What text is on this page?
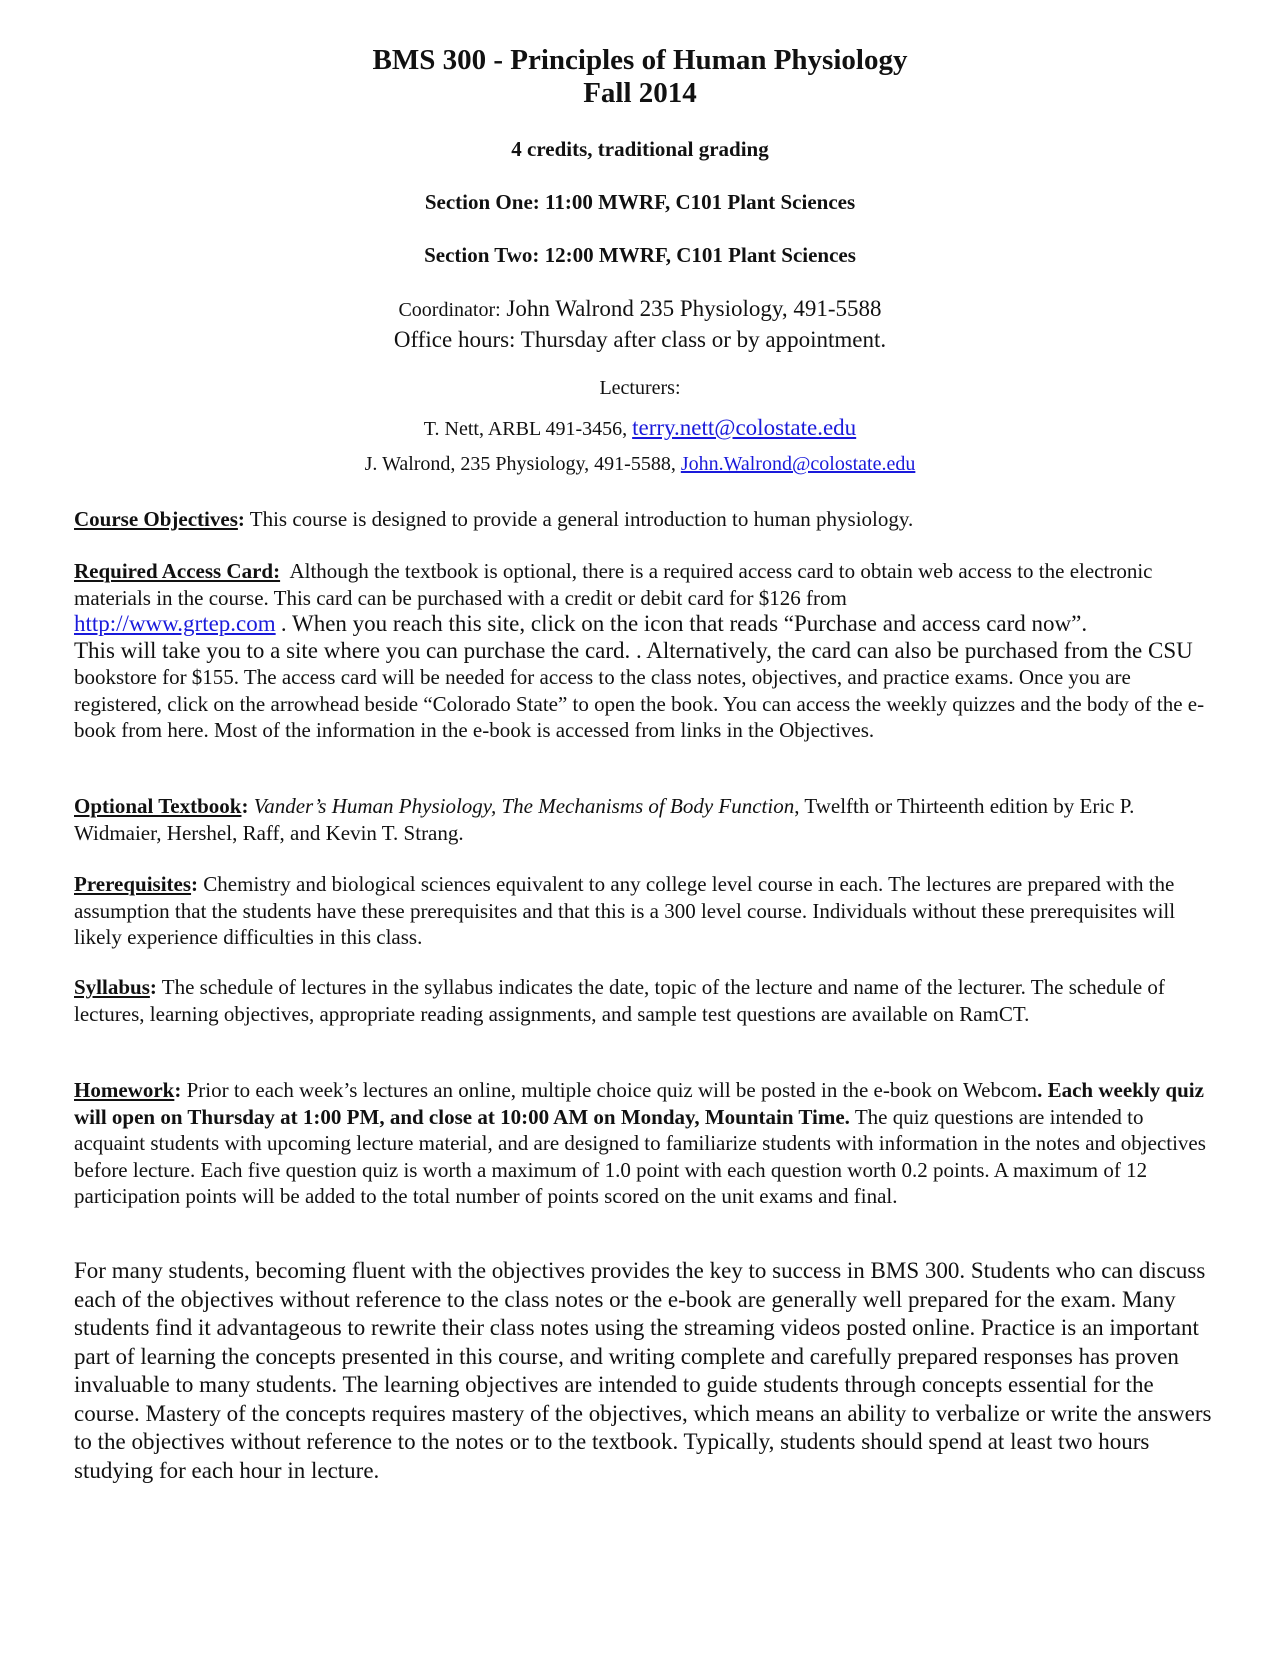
BMS 300 - Principles of Human Physiology
Fall 2014
4 credits, traditional grading
Section One: 11:00 MWRF, C101 Plant Sciences
Section Two: 12:00 MWRF, C101 Plant Sciences
Coordinator: John Walrond 235 Physiology, 491-5588
Office hours: Thursday after class or by appointment.
Lecturers:
T. Nett, ARBL 491-3456, terry.nett@colostate.edu
J. Walrond, 235 Physiology, 491-5588, John.Walrond@colostate.edu
Course Objectives: This course is designed to provide a general introduction to human physiology.
Required Access Card: Although the textbook is optional, there is a required access card to obtain web access to the electronic materials in the course. This card can be purchased with a credit or debit card for $126 from
http://www.grtep.com . When you reach this site, click on the icon that reads “Purchase and access card now”.
This will take you to a site where you can purchase the card. . Alternatively, the card can also be purchased from the CSU bookstore for $155. The access card will be needed for access to the class notes, objectives, and practice exams. Once you are registered, click on the arrowhead beside “Colorado State” to open the book. You can access the weekly quizzes and the body of the e-book from here. Most of the information in the e-book is accessed from links in the Objectives.
Optional Textbook: Vander’s Human Physiology, The Mechanisms of Body Function, Twelfth or Thirteenth edition by Eric P. Widmaier, Hershel, Raff, and Kevin T. Strang.
Prerequisites: Chemistry and biological sciences equivalent to any college level course in each. The lectures are prepared with the assumption that the students have these prerequisites and that this is a 300 level course. Individuals without these prerequisites will likely experience difficulties in this class.
Syllabus: The schedule of lectures in the syllabus indicates the date, topic of the lecture and name of the lecturer. The schedule of lectures, learning objectives, appropriate reading assignments, and sample test questions are available on RamCT.
Homework: Prior to each week’s lectures an online, multiple choice quiz will be posted in the e-book on Webcom. Each weekly quiz will open on Thursday at 1:00 PM, and close at 10:00 AM on Monday, Mountain Time. The quiz questions are intended to acquaint students with upcoming lecture material, and are designed to familiarize students with information in the notes and objectives before lecture. Each five question quiz is worth a maximum of 1.0 point with each question worth 0.2 points. A maximum of 12 participation points will be added to the total number of points scored on the unit exams and final.
For many students, becoming fluent with the objectives provides the key to success in BMS 300. Students who can discuss each of the objectives without reference to the class notes or the e-book are generally well prepared for the exam. Many students find it advantageous to rewrite their class notes using the streaming videos posted online. Practice is an important part of learning the concepts presented in this course, and writing complete and carefully prepared responses has proven invaluable to many students. The learning objectives are intended to guide students through concepts essential for the course. Mastery of the concepts requires mastery of the objectives, which means an ability to verbalize or write the answers to the objectives without reference to the notes or to the textbook. Typically, students should spend at least two hours studying for each hour in lecture.
